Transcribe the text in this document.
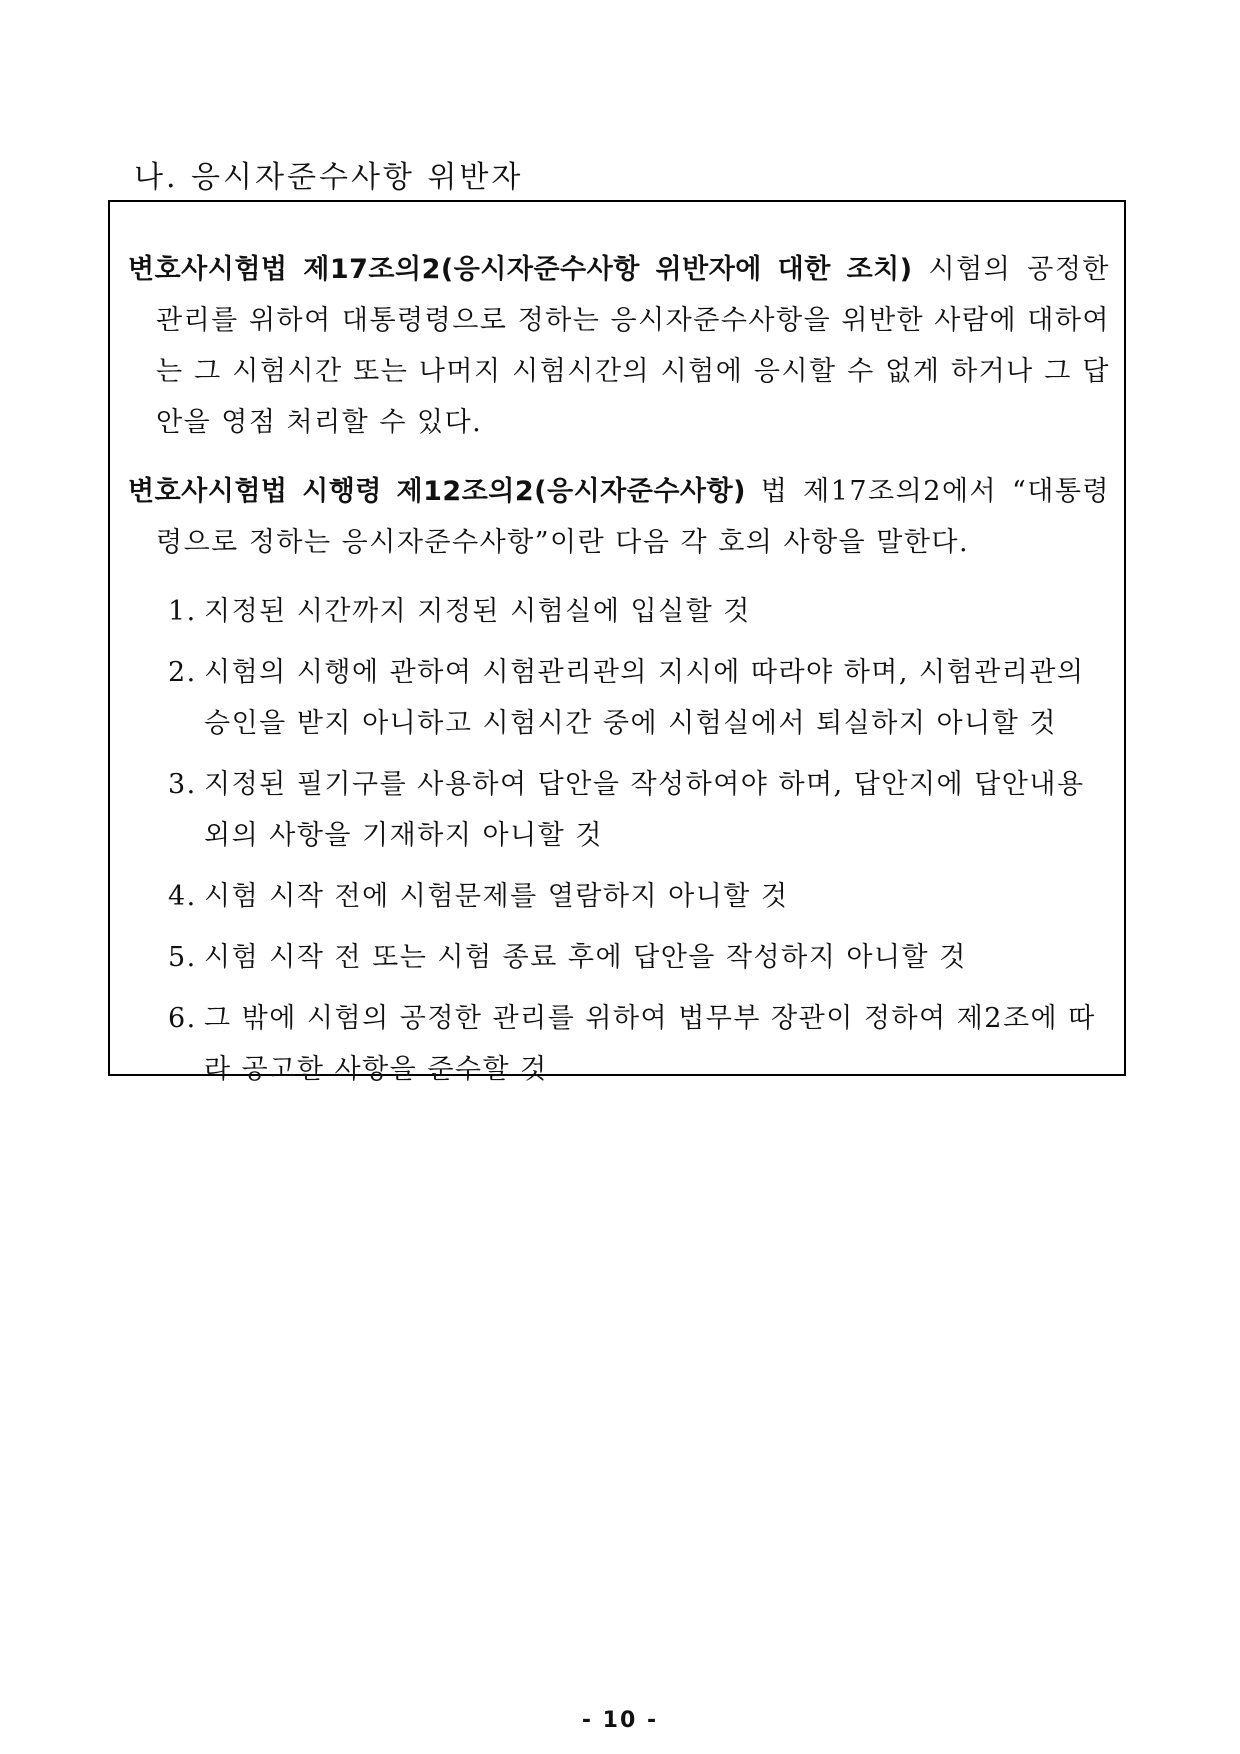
나. 응시자준수사항 위반자

변호사시험법 제17조의2(응시자준수사항 위반자에 대한 조치) 시험의 공정한 관리를 위하여 대통령령으로 정하는 응시자준수사항을 위반한 사람에 대하여는 그 시험시간 또는 나머지 시험시간의 시험에 응시할 수 없게 하거나 그 답안을 영점 처리할 수 있다.

변호사시험법 시행령 제12조의2(응시자준수사항) 법 제17조의2에서 “대통령령으로 정하는 응시자준수사항”이란 다음 각 호의 사항을 말한다.

1. 지정된 시간까지 지정된 시험실에 입실할 것
2. 시험의 시행에 관하여 시험관리관의 지시에 따라야 하며, 시험관리관의 승인을 받지 아니하고 시험시간 중에 시험실에서 퇴실하지 아니할 것
3. 지정된 필기구를 사용하여 답안을 작성하여야 하며, 답안지에 답안내용 외의 사항을 기재하지 아니할 것
4. 시험 시작 전에 시험문제를 열람하지 아니할 것
5. 시험 시작 전 또는 시험 종료 후에 답안을 작성하지 아니할 것
6. 그 밖에 시험의 공정한 관리를 위하여 법무부 장관이 정하여 제2조에 따라 공고한 사항을 준수할 것
- 10 -
